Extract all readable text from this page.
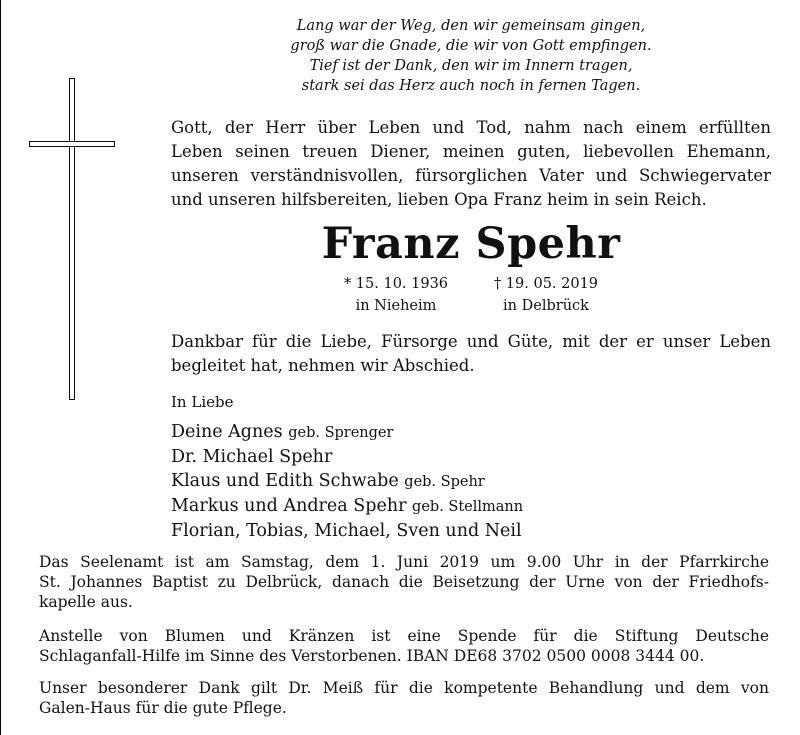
Lang war der Weg, den wir gemeinsam gingen,
groß war die Gnade, die wir von Gott empfingen.
Tief ist der Dank, den wir im Innern tragen,
stark sei das Herz auch noch in fernen Tagen.
Gott, der Herr über Leben und Tod, nahm nach einem erfüllten
Leben seinen treuen Diener, meinen guten, liebevollen Ehemann,
unseren verständnisvollen, fürsorglichen Vater und Schwiegervater
und unseren hilfsbereiten, lieben Opa Franz heim in sein Reich.
Franz Spehr
* 15. 10. 1936
in Nieheim
† 19. 05. 2019
in Delbrück
Dankbar für die Liebe, Fürsorge und Güte, mit der er unser Leben
begleitet hat, nehmen wir Abschied.
In Liebe
Deine Agnes geb. Sprenger
Dr. Michael Spehr
Klaus und Edith Schwabe geb. Spehr
Markus und Andrea Spehr geb. Stellmann
Florian, Tobias, Michael, Sven und Neil
Das Seelenamt ist am Samstag, dem 1. Juni 2019 um 9.00 Uhr in der Pfarrkirche
St. Johannes Baptist zu Delbrück, danach die Beisetzung der Urne von der Friedhofs-
kapelle aus.
Anstelle von Blumen und Kränzen ist eine Spende für die Stiftung Deutsche
Schlaganfall-Hilfe im Sinne des Verstorbenen. IBAN DE68 3702 0500 0008 3444 00.
Unser besonderer Dank gilt Dr. Meiß für die kompetente Behandlung und dem von
Galen-Haus für die gute Pflege.
